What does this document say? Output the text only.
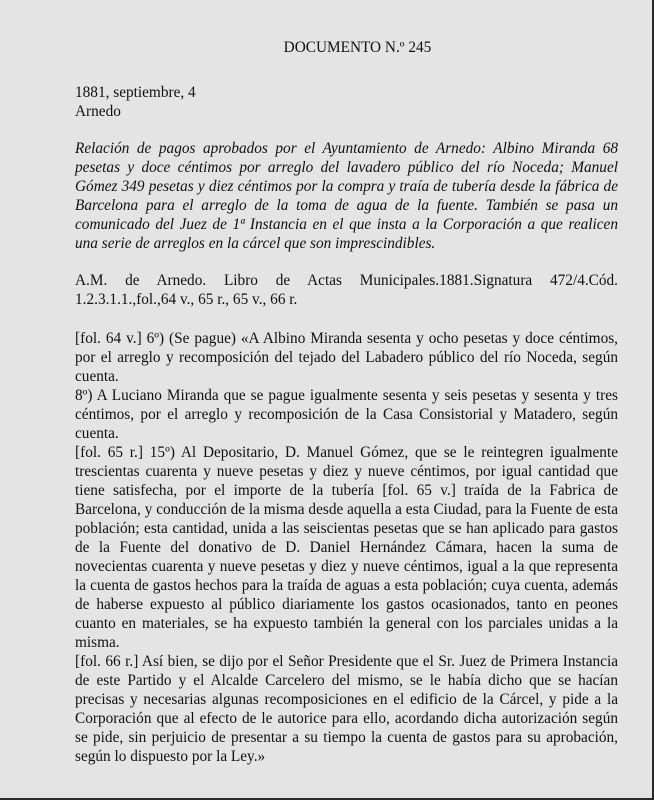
DOCUMENTO N.º 245
1881, septiembre, 4
Arnedo
Relación de pagos aprobados por el Ayuntamiento de Arnedo: Albino Miranda 68 pesetas y doce céntimos por arreglo del lavadero público del río Noceda; Manuel Gómez 349 pesetas y diez céntimos por la compra y traía de tubería desde la fábrica de Barcelona para el arreglo de la toma de agua de la fuente. También se pasa un comunicado del Juez de 1ª Instancia en el que insta a la Corporación a que realicen una serie de arreglos en la cárcel que son imprescindibles.
A.M. de Arnedo. Libro de Actas Municipales.1881.Signatura 472/4.Cód. 1.2.3.1.1.,fol.,64 v., 65 r., 65 v., 66 r.

[fol. 64 v.] 6º) (Se pague) «A Albino Miranda sesenta y ocho pesetas y doce céntimos, por el arreglo y recomposición del tejado del Labadero público del río Noceda, según cuenta.

8º) A Luciano Miranda que se pague igualmente sesenta y seis pesetas y sesenta y tres céntimos, por el arreglo y recomposición de la Casa Consistorial y Matadero, según cuenta.

[fol. 65 r.] 15º) Al Depositario, D. Manuel Gómez, que se le reintegren igualmente trescientas cuarenta y nueve pesetas y diez y nueve céntimos, por igual cantidad que tiene satisfecha, por el importe de la tubería [fol. 65 v.] traída de la Fabrica de Barcelona, y conducción de la misma desde aquella a esta Ciudad, para la Fuente de esta población; esta cantidad, unida a las seiscientas pesetas que se han aplicado para gastos de la Fuente del donativo de D. Daniel Hernández Cámara, hacen la suma de novecientas cuarenta y nueve pesetas y diez y nueve céntimos, igual a la que representa la cuenta de gastos hechos para la traída de aguas a esta población; cuya cuenta, además de haberse expuesto al público diariamente los gastos ocasionados, tanto en peones cuanto en materiales, se ha expuesto también la general con los parciales unidas a la misma.

[fol. 66 r.] Así bien, se dijo por el Señor Presidente que el Sr. Juez de Primera Instancia de este Partido y el Alcalde Carcelero del mismo, se le había dicho que se hacían precisas y necesarias algunas recomposiciones en el edificio de la Cárcel, y pide a la Corporación que al efecto de le autorice para ello, acordando dicha autorización según se pide, sin perjuicio de presentar a su tiempo la cuenta de gastos para su aprobación, según lo dispuesto por la Ley.»
